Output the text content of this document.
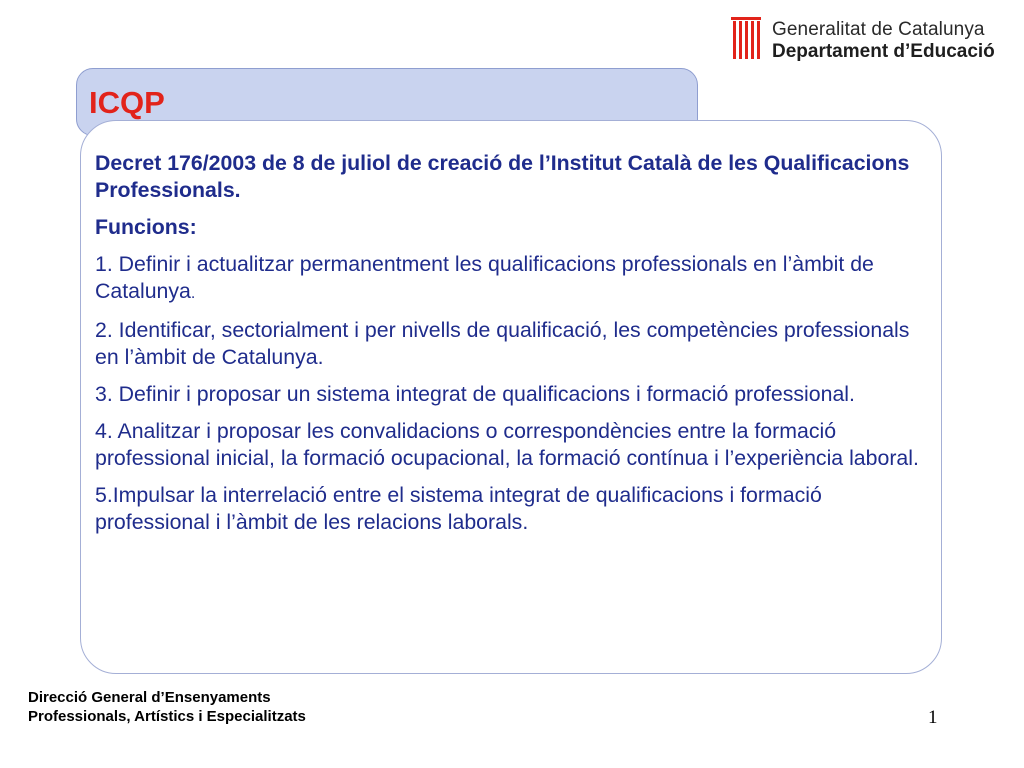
Generalitat de Catalunya
Departament d’Educació
ICQP

Decret 176/2003 de 8 de juliol de creació de l’Institut Català de les Qualificacions Professionals.

Funcions:

1. Definir i actualitzar permanentment les qualificacions professionals en l’àmbit de Catalunya.

2. Identificar, sectorialment i per nivells de qualificació, les competències professionals en l’àmbit de Catalunya.

3. Definir i proposar un sistema integrat de qualificacions i formació professional.

4. Analitzar i proposar les convalidacions o correspondències entre la formació professional inicial, la formació ocupacional, la formació contínua i l’experiència laboral.

5.Impulsar la interrelació entre el sistema integrat de qualificacions i formació professional i l’àmbit de les relacions laborals.

Direcció General d’Ensenyaments
Professionals, Artístics i Especialitzats	1
